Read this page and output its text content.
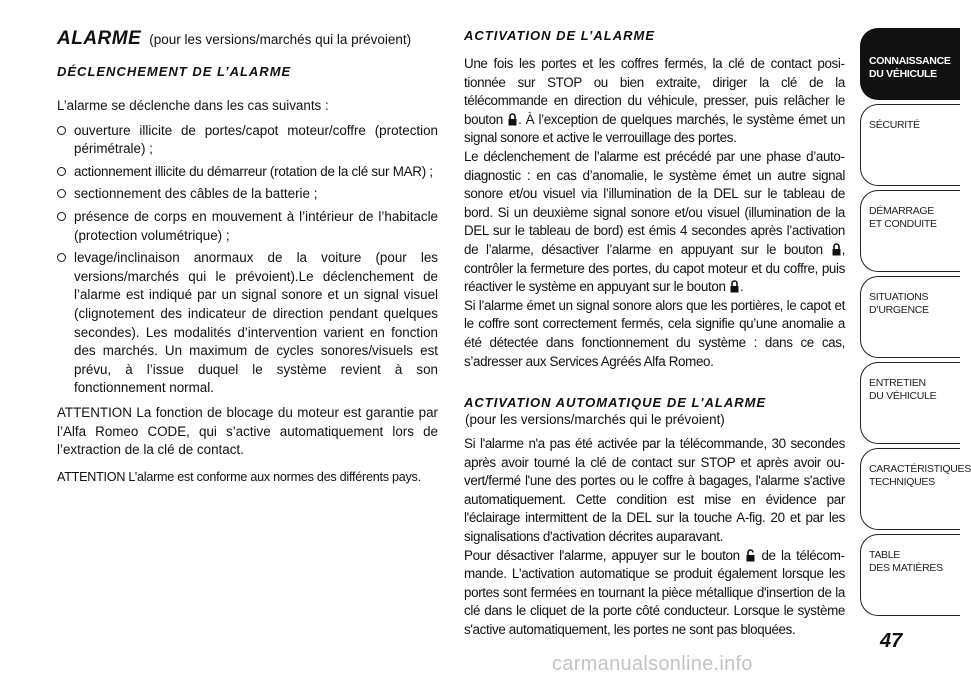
ALARME (pour les versions/marchés qui la prévoient)
DÉCLENCHEMENT DE L’ALARME

L’alarme se déclenche dans les cas suivants :

ouverture illicite de portes/capot moteur/coffre (protection périmétrale) ;
actionnement illicite du démarreur (rotation de la clé sur MAR) ;
sectionnement des câbles de la batterie ;
présence de corps en mouvement à l’intérieur de l’habitacle (protection volumétrique) ;
levage/inclinaison anormaux de la voiture (pour les versions/marchés qui le prévoient).Le déclenchement de l’alarme est indiqué par un signal sonore et un signal visuel (clignotement des indicateur de direction pendant quelques secondes). Les modalités d’intervention varient en fonction des marchés. Un maximum de cycles sonores/visuels est prévu, à l’issue duquel le système revient à son fonctionnement normal.

ATTENTION La fonction de blocage du moteur est garantie par l’Alfa Romeo CODE, qui s’active automatiquement lors de l’extraction de la clé de contact.

ATTENTION L’alarme est conforme aux normes des différents pays.

ACTIVATION DE L’ALARME

Une fois les portes et les coffres fermés, la clé de contact positionnée sur STOP ou bien extraite, diriger la clé de la télécommande en direction du véhicule, presser, puis relâcher le bouton . À l’exception de quelques marchés, le système émet un signal sonore et active le verrouillage des portes.

Le déclenchement de l’alarme est précédé par une phase d’autodiagnostic : en cas d’anomalie, le système émet un autre signal sonore et/ou visuel via l’illumination de la DEL sur le tableau de bord. Si un deuxième signal sonore et/ou visuel (illumination de la DEL sur le tableau de bord) est émis 4 secondes après l’activation de l’alarme, désactiver l’alarme en appuyant sur le bouton , contrôler la fermeture des portes, du capot moteur et du coffre, puis réactiver le système en appuyant sur le bouton .

Si l’alarme émet un signal sonore alors que les portières, le capot et le coffre sont correctement fermés, cela signifie qu’une anomalie a été détectée dans fonctionnement du système : dans ce cas, s’adresser aux Services Agréés Alfa Romeo.

ACTIVATION AUTOMATIQUE DE L'ALARME
(pour les versions/marchés qui le prévoient)

Si l'alarme n'a pas été activée par la télécommande, 30 secondes après avoir tourné la clé de contact sur STOP et après avoir ouvert/fermé l'une des portes ou le coffre à bagages, l'alarme s'active automatiquement. Cette condition est mise en évidence par l'éclairage intermittent de la DEL sur la touche A-fig. 20 et par les signalisations d'activation décrites auparavant.

Pour désactiver l'alarme, appuyer sur le bouton de la télécommande. L'activation automatique se produit également lorsque les portes sont fermées en tournant la pièce métallique d'insertion de la clé dans le cliquet de la porte côté conducteur. Lorsque le système s'active automatiquement, les portes ne sont pas bloquées.

CONNAISSANCE
DU VÉHICULE
SÉCURITÉ
DÉMARRAGE
ET CONDUITE
SITUATIONS
D’URGENCE
ENTRETIEN
DU VÉHICULE
CARACTÉRISTIQUES
TECHNIQUES
TABLE
DES MATIÈRES
47
carmanualsonline.info
